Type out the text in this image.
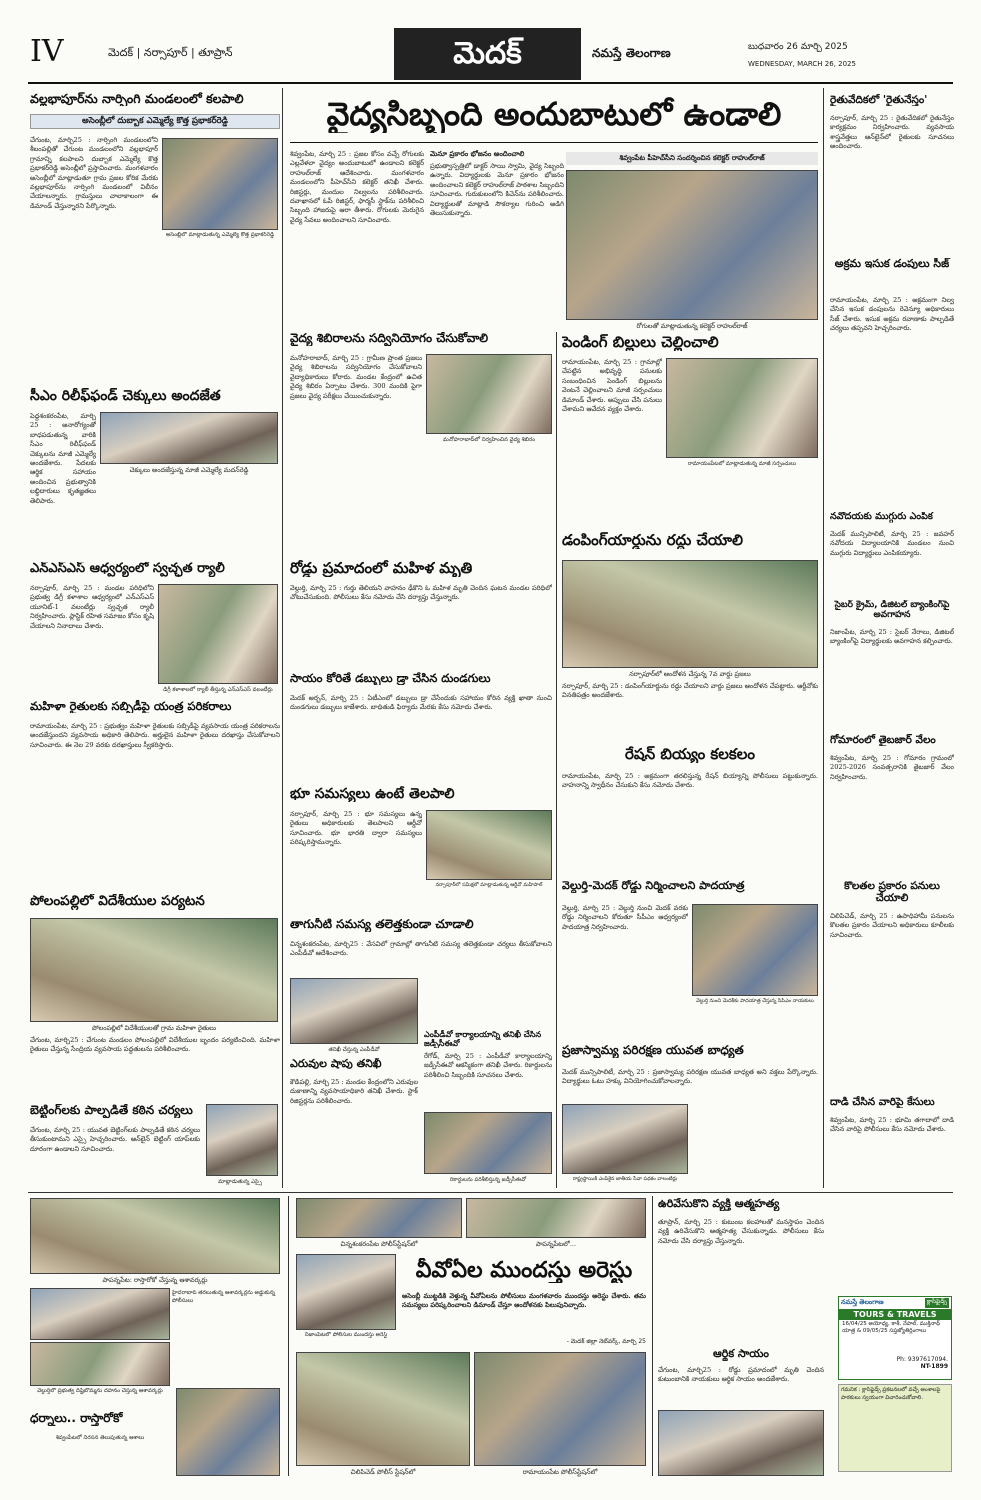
IV	మెదక్ | నర్సాపూర్ | తూప్రాన్	మెదక్	నమస్తే తెలంగాణ	బుధవారం 26 మార్చి 2025
WEDNESDAY, MARCH 26, 2025
వల్లభాపూర్‌ను నార్సింగి మండలంలో కలపాలి
అసెంబ్లీలో దుబ్బాక ఎమ్మెల్యే కొత్త ప్రభాకర్‌రెడ్డి
అసెంబ్లీలో మాట్లాడుతున్న ఎమ్మెల్యే కొత్త ప్రభాకర్‌రెడ్డి
చేగుంట, మార్చి25 : నార్సింగి మండలంలోని శీలంపల్లితో చేగుంట మండలంలోని వల్లభాపూర్ గ్రామాన్ని కలపాలని దుబ్బాక ఎమ్మెల్యే కొత్త ప్రభాకర్‌రెడ్డి అసెంబ్లీలో ప్రస్తావించారు. మంగళవారం అసెంబ్లీలో మాట్లాడుతూ గ్రామ ప్రజల కోరిక మేరకు వల్లభాపూర్‌ను నార్సింగి మండలంలో విలీనం చేయాలన్నారు. గ్రామస్తులు చాలాకాలంగా ఈ డిమాండ్ చేస్తున్నారని పేర్కొన్నారు.
సీఎం రిలీఫ్‌ఫండ్ చెక్కులు అందజేత
పెద్దశంకరంపేట, మార్చి 25 : అనారోగ్యంతో బాధపడుతున్న వారికి సీఎం రిలీఫ్‌ఫండ్ చెక్కులను మాజీ ఎమ్మెల్యే అందజేశారు. పేదలకు ఆర్థిక సహాయం అందించిన ప్రభుత్వానికి లబ్ధిదారులు కృతజ్ఞతలు తెలిపారు.
చెక్కులు అందజేస్తున్న మాజీ ఎమ్మెల్యే మదన్‌రెడ్డి
ఎన్‌ఎస్ఎస్ ఆధ్వర్యంలో స్వచ్ఛత ర్యాలీ
నర్సాపూర్, మార్చి 25 : మండల పరిధిలోని ప్రభుత్వ డిగ్రీ కళాశాల ఆధ్వర్యంలో ఎన్‌ఎస్ఎస్ యూనిట్-1 వలంటీర్లు స్వచ్ఛత ర్యాలీ నిర్వహించారు. ప్లాస్టిక్ రహిత సమాజం కోసం కృషి చేయాలని నినాదాలు చేశారు.
డిగ్రీ కళాశాలలో ర్యాలీ తీస్తున్న ఎన్‌ఎస్ఎస్ వలంటీర్లు
మహిళా రైతులకు సబ్సిడీపై యంత్ర పరికరాలు
రామాయంపేట, మార్చి 25 : ప్రభుత్వం మహిళా రైతులకు సబ్సిడీపై వ్యవసాయ యంత్ర పరికరాలను అందజేస్తుందని వ్యవసాయ అధికారి తెలిపారు. అర్హులైన మహిళా రైతులు దరఖాస్తు చేసుకోవాలని సూచించారు. ఈ నెల 29 వరకు దరఖాస్తులు స్వీకరిస్తారు.
పోలంపల్లిలో విదేశీయుల పర్యటన
పోలంపల్లిలో విదేశీయులతో గ్రామ మహిళా రైతులు
చేగుంట, మార్చి25 : చేగుంట మండలం పోలంపల్లిలో విదేశీయుల బృందం పర్యటించింది. మహిళా రైతులు చేస్తున్న సేంద్రియ వ్యవసాయ పద్ధతులను పరిశీలించారు.
బెట్టింగ్‌లకు పాల్పడితే కఠిన చర్యలు
చేగుంట, మార్చి 25 : యువత బెట్టింగ్‌లకు పాల్పడితే కఠిన చర్యలు తీసుకుంటామని ఎస్సై హెచ్చరించారు. ఆన్‌లైన్ బెట్టింగ్ యాప్‌లకు దూరంగా ఉండాలని సూచించారు.
మాట్లాడుతున్న ఎస్సై
వైద్యసిబ్బంది అందుబాటులో ఉండాలి
శివ్వంపేట, మార్చి 25 : ప్రజల కోసం వచ్చే రోగులకు ఎల్లవేళలా వైద్యం అందుబాటులో ఉండాలని కలెక్టర్ రాహుల్‌రాజ్ ఆదేశించారు. మంగళవారం మండలంలోని పీహెచ్‌సీని కలెక్టర్ తనిఖీ చేశారు. రిజిస్టర్లు, మందుల నిల్వలను పరిశీలించారు. దవాఖానలో ఓపీ రిజిస్టర్, ఫార్మసీ స్టాక్‌ను పరిశీలించి సిబ్బంది హాజరుపై ఆరా తీశారు. రోగులకు మెరుగైన వైద్య సేవలు అందించాలని సూచించారు.
మెనూ ప్రకారం భోజనం అందించాలి
ప్రభుత్వాస్పత్రిలో డాక్టర్ సాయి స్వామి, వైద్య సిబ్బంది ఉన్నారు. విద్యార్థులకు మెనూ ప్రకారం భోజనం అందించాలని కలెక్టర్ రాహుల్‌రాజ్ పాఠశాల సిబ్బందిని సూచించారు. గురుకులంలోని కిచెన్‌ను పరిశీలించారు. విద్యార్థులతో మాట్లాడి సౌకర్యాల గురించి అడిగి తెలుసుకున్నారు.
శివ్వంపేట పీహెచ్‌సీని సందర్శించిన కలెక్టర్ రాహుల్‌రాజ్
రోగులతో మాట్లాడుతున్న కలెక్టర్ రాహుల్‌రాజ్
వైద్య శిబిరాలను సద్వినియోగం చేసుకోవాలి
మనోహరాబాద్, మార్చి 25 : గ్రామీణ ప్రాంత ప్రజలు వైద్య శిబిరాలను సద్వినియోగం చేసుకోవాలని వైద్యాధికారులు కోరారు. మండల కేంద్రంలో ఉచిత వైద్య శిబిరం ఏర్పాటు చేశారు. 300 మందికి పైగా ప్రజలు వైద్య పరీక్షలు చేయించుకున్నారు.
మనోహరాబాద్‌లో నిర్వహించిన వైద్య శిబిరం
రోడ్డు ప్రమాదంలో మహిళ మృతి
వెల్దుర్తి, మార్చి 25 : గుర్తు తెలియని వాహనం ఢీకొని ఓ మహిళ మృతి చెందిన ఘటన మండల పరిధిలో చోటుచేసుకుంది. పోలీసులు కేసు నమోదు చేసి దర్యాప్తు చేస్తున్నారు.
సాయం కోరితే డబ్బులు డ్రా చేసిన దుండగులు
మెదక్ అర్బన్, మార్చి 25 : ఏటీఎంలో డబ్బులు డ్రా చేసేందుకు సహాయం కోరిన వ్యక్తి ఖాతా నుంచి దుండగులు డబ్బులు కాజేశారు. బాధితుడి ఫిర్యాదు మేరకు కేసు నమోదు చేశారు.
భూ సమస్యలు ఉంటే తెలపాలి
నర్సాపూర్, మార్చి 25 : భూ సమస్యలు ఉన్న రైతులు అధికారులకు తెలపాలని ఆర్డీవో సూచించారు. భూ భారతి ద్వారా సమస్యలు పరిష్కరిస్తామన్నారు.
నర్సాపూర్‌లో సమీక్షలో మాట్లాడుతున్న ఆర్డీవో మహిపాల్
తాగునీటి సమస్య తలెత్తకుండా చూడాలి
చిన్నశంకరంపేట, మార్చి25 : వేసవిలో గ్రామాల్లో తాగునీటి సమస్య తలెత్తకుండా చర్యలు తీసుకోవాలని ఎంపీడీవో ఆదేశించారు.
తనిఖీ చేస్తున్న ఎంపీడీవో
ఎరువుల షాపు తనిఖీ
కౌడిపల్లి, మార్చి 25 : మండల కేంద్రంలోని ఎరువుల దుకాణాన్ని వ్యవసాయాధికారి తనిఖీ చేశారు. స్టాక్ రిజిస్టర్లను పరిశీలించారు.
ఎంపీడీవో కార్యాలయాన్ని తనిఖీ చేసిన జడ్పీసీఈవో
రేగోడ్, మార్చి 25 : ఎంపీడీవో కార్యాలయాన్ని జడ్పీసీఈవో ఆకస్మికంగా తనిఖీ చేశారు. రికార్డులను పరిశీలించి సిబ్బందికి సూచనలు చేశారు.
రికార్డులను పరిశీలిస్తున్న జడ్పీసీఈవో
పెండింగ్ బిల్లులు చెల్లించాలి
రామాయంపేట, మార్చి 25 : గ్రామాల్లో చేపట్టిన అభివృద్ధి పనులకు సంబంధించిన పెండింగ్ బిల్లులను వెంటనే చెల్లించాలని మాజీ సర్పంచులు డిమాండ్ చేశారు. అప్పులు చేసి పనులు చేశామని ఆవేదన వ్యక్తం చేశారు.
రామాయంపేటలో మాట్లాడుతున్న మాజీ సర్పంచులు
డంపింగ్‌యార్డును రద్దు చేయాలి
నర్సాపూర్‌లో ఆందోళన చేస్తున్న 7వ వార్డు ప్రజలు
నర్సాపూర్, మార్చి 25 : డంపింగ్‌యార్డును రద్దు చేయాలని వార్డు ప్రజలు ఆందోళన చేపట్టారు. ఆర్డీవోకు వినతిపత్రం అందజేశారు.
రేషన్ బియ్యం కలకలం
రామాయంపేట, మార్చి 25 : అక్రమంగా తరలిస్తున్న రేషన్ బియ్యాన్ని పోలీసులు పట్టుకున్నారు. వాహనాన్ని స్వాధీనం చేసుకుని కేసు నమోదు చేశారు.
వెల్దుర్తి-మెదక్ రోడ్డు నిర్మించాలని పాదయాత్ర
వెల్దుర్తి, మార్చి 25 : వెల్దుర్తి నుంచి మెదక్ వరకు రోడ్డు నిర్మించాలని కోరుతూ సీపీఎం ఆధ్వర్యంలో పాదయాత్ర నిర్వహించారు.
వెల్దుర్తి నుంచి మెదక్‌కు పాదయాత్ర చేస్తున్న సీపీఎం నాయకులు
ప్రజాస్వామ్య పరిరక్షణ యువత బాధ్యత
మెదక్ మున్సిపాలిటీ, మార్చి 25 : ప్రజాస్వామ్య పరిరక్షణ యువత బాధ్యత అని వక్తలు పేర్కొన్నారు. విద్యార్థులు ఓటు హక్కు వినియోగించుకోవాలన్నారు.
రాష్ట్రస్థాయికి ఎంపికైన జాతీయ సేవా పథకం వాలంటీర్లు
రైతువేదికలో 'రైతునేస్తం'
నర్సాపూర్, మార్చి 25 : రైతువేదికలో రైతునేస్తం కార్యక్రమం నిర్వహించారు. వ్యవసాయ శాస్త్రవేత్తలు ఆన్‌లైన్‌లో రైతులకు సూచనలు అందించారు.
అక్రమ ఇసుక డంపులు సీజ్
రామాయంపేట, మార్చి 25 : అక్రమంగా నిల్వ చేసిన ఇసుక డంపులను రెవెన్యూ అధికారులు సీజ్ చేశారు. ఇసుక అక్రమ రవాణాకు పాల్పడితే చర్యలు తప్పవని హెచ్చరించారు.
నవోదయకు ముగ్గురు ఎంపిక
మెదక్ మున్సిపాలిటీ, మార్చి 25 : జవహర్ నవోదయ విద్యాలయానికి మండలం నుంచి ముగ్గురు విద్యార్థులు ఎంపికయ్యారు.
సైబర్ క్రైమ్, డిజిటల్ బ్యాంకింగ్‌పై అవగాహన
నిజాంపేట, మార్చి 25 : సైబర్ నేరాలు, డిజిటల్ బ్యాంకింగ్‌పై విద్యార్థులకు అవగాహన కల్పించారు.
గోమారంలో తైబజార్ వేలం
శివ్వంపేట, మార్చి 25 : గోమారం గ్రామంలో 2025-2026 సంవత్సరానికి తైబజార్ వేలం నిర్వహించారు.
కొలతల ప్రకారం పనులు చేయాలి
చిలిపిచెడ్, మార్చి 25 : ఉపాధిహామీ పనులను కొలతల ప్రకారం చేయాలని అధికారులు కూలీలకు సూచించారు.
దాడి చేసిన వారిపై కేసులు
శివ్వంపేట, మార్చి 25 : భూమి తగాదాలో దాడి చేసిన వారిపై పోలీసులు కేసు నమోదు చేశారు.
నమస్తే తెలంగాణ	క్లాసిఫైడ్స్
TOURS & TRAVELS
16/04/25 అయోధ్య, కాశీ, నేపాల్, ముక్తినాథ్ యాత్ర & 09/05/25 సప్తజ్యోతిర్లింగాలు
Ph: 9397617094.
NT-1899
గమనిక : క్లాసిఫైడ్స్ ప్రకటనలలో వచ్చే అంశాలపై పాఠకులు స్వయంగా విచారించుకోవాలి.
పాపన్నపేట: రాస్తారోకో చేస్తున్న ఆశావర్కర్లు
హైదరాబాద్ తరలుతున్న ఆశావర్కర్లను అడ్డుకున్న పోలీసులు
వెల్దుర్తిలో ప్రభుత్వ దిష్టిబొమ్మను దహనం చేస్తున్న ఆశావర్కర్లు
ధర్నాలు.. రాస్తారోకో
శివ్వంపేటలో నిరసన తెలుపుతున్న ఆశాలు
చిన్నశంకరంపేట పోలీస్‌స్టేషన్‌లో	పాపన్నపేటలో...
నిజాంపేటలో పోలీసుల ముందస్తు అరెస్ట్
వీవోఏల ముందస్తు అరెస్టు
అసెంబ్లీ ముట్టడికి వెళ్తున్న వీవోఏలను పోలీసులు మంగళవారం ముందస్తు అరెస్టు చేశారు. తమ సమస్యలు పరిష్కరించాలని డిమాండ్ చేస్తూ ఆందోళనకు పిలుపునిచ్చారు.
- మెదక్ జిల్లా నెట్‌వర్క్, మార్చి 25
చిలిపిచెడ్ పోలీస్ స్టేషన్‌లో	రామాయంపేట పోలీస్‌స్టేషన్‌లో
ఉరివేసుకొని వ్యక్తి ఆత్మహత్య
తూప్రాన్, మార్చి 25 : కుటుంబ కలహాలతో మనస్తాపం చెందిన వ్యక్తి ఉరివేసుకొని ఆత్మహత్య చేసుకున్నాడు. పోలీసులు కేసు నమోదు చేసి దర్యాప్తు చేస్తున్నారు.
ఆర్థిక సాయం
చేగుంట, మార్చి25 : రోడ్డు ప్రమాదంలో మృతి చెందిన కుటుంబానికి నాయకులు ఆర్థిక సాయం అందజేశారు.
